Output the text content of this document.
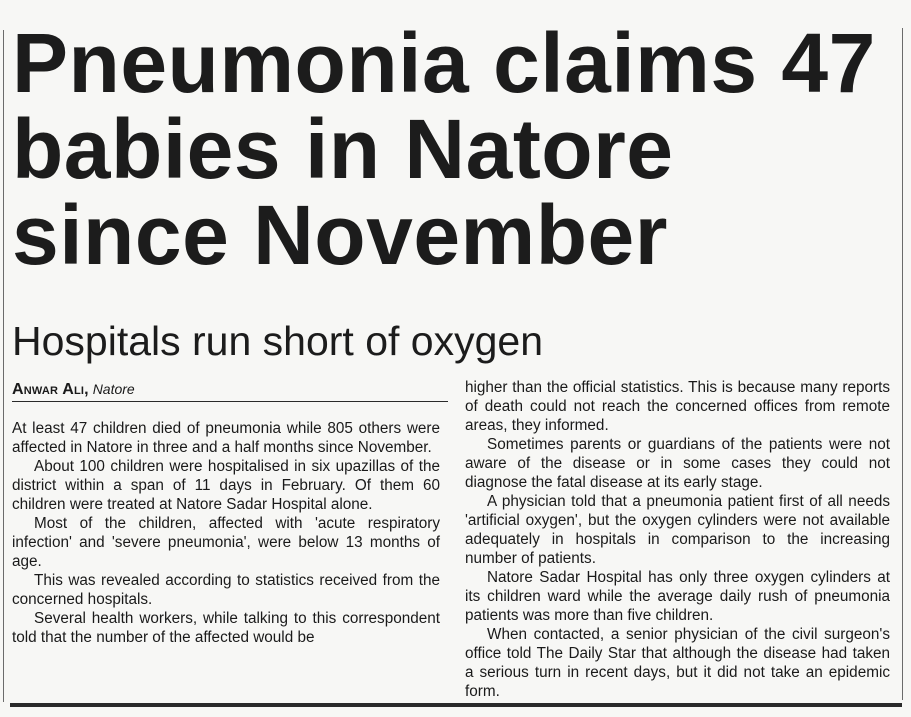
Pneumonia claims 47
babies in Natore
since November
Hospitals run short of oxygen
Anwar Ali, Natore

At least 47 children died of pneumonia while 805 others were affected in Natore in three and a half months since November.

About 100 children were hospitalised in six upazillas of the district within a span of 11 days in February. Of them 60 children were treated at Natore Sadar Hospital alone.

Most of the children, affected with 'acute respiratory infection' and 'severe pneumonia', were below 13 months of age.

This was revealed according to statistics received from the concerned hospitals.

Several health workers, while talking to this correspondent told that the number of the affected would be

higher than the official statistics. This is because many reports of death could not reach the concerned offices from remote areas, they informed.

Sometimes parents or guardians of the patients were not aware of the disease or in some cases they could not diagnose the fatal disease at its early stage.

A physician told that a pneumonia patient first of all needs 'artificial oxygen', but the oxygen cylinders were not available adequately in hospitals in comparison to the increasing number of patients.

Natore Sadar Hospital has only three oxygen cylinders at its children ward while the average daily rush of pneumonia patients was more than five children.

When contacted, a senior physician of the civil surgeon's office told The Daily Star that although the disease had taken a serious turn in recent days, but it did not take an epidemic form.
